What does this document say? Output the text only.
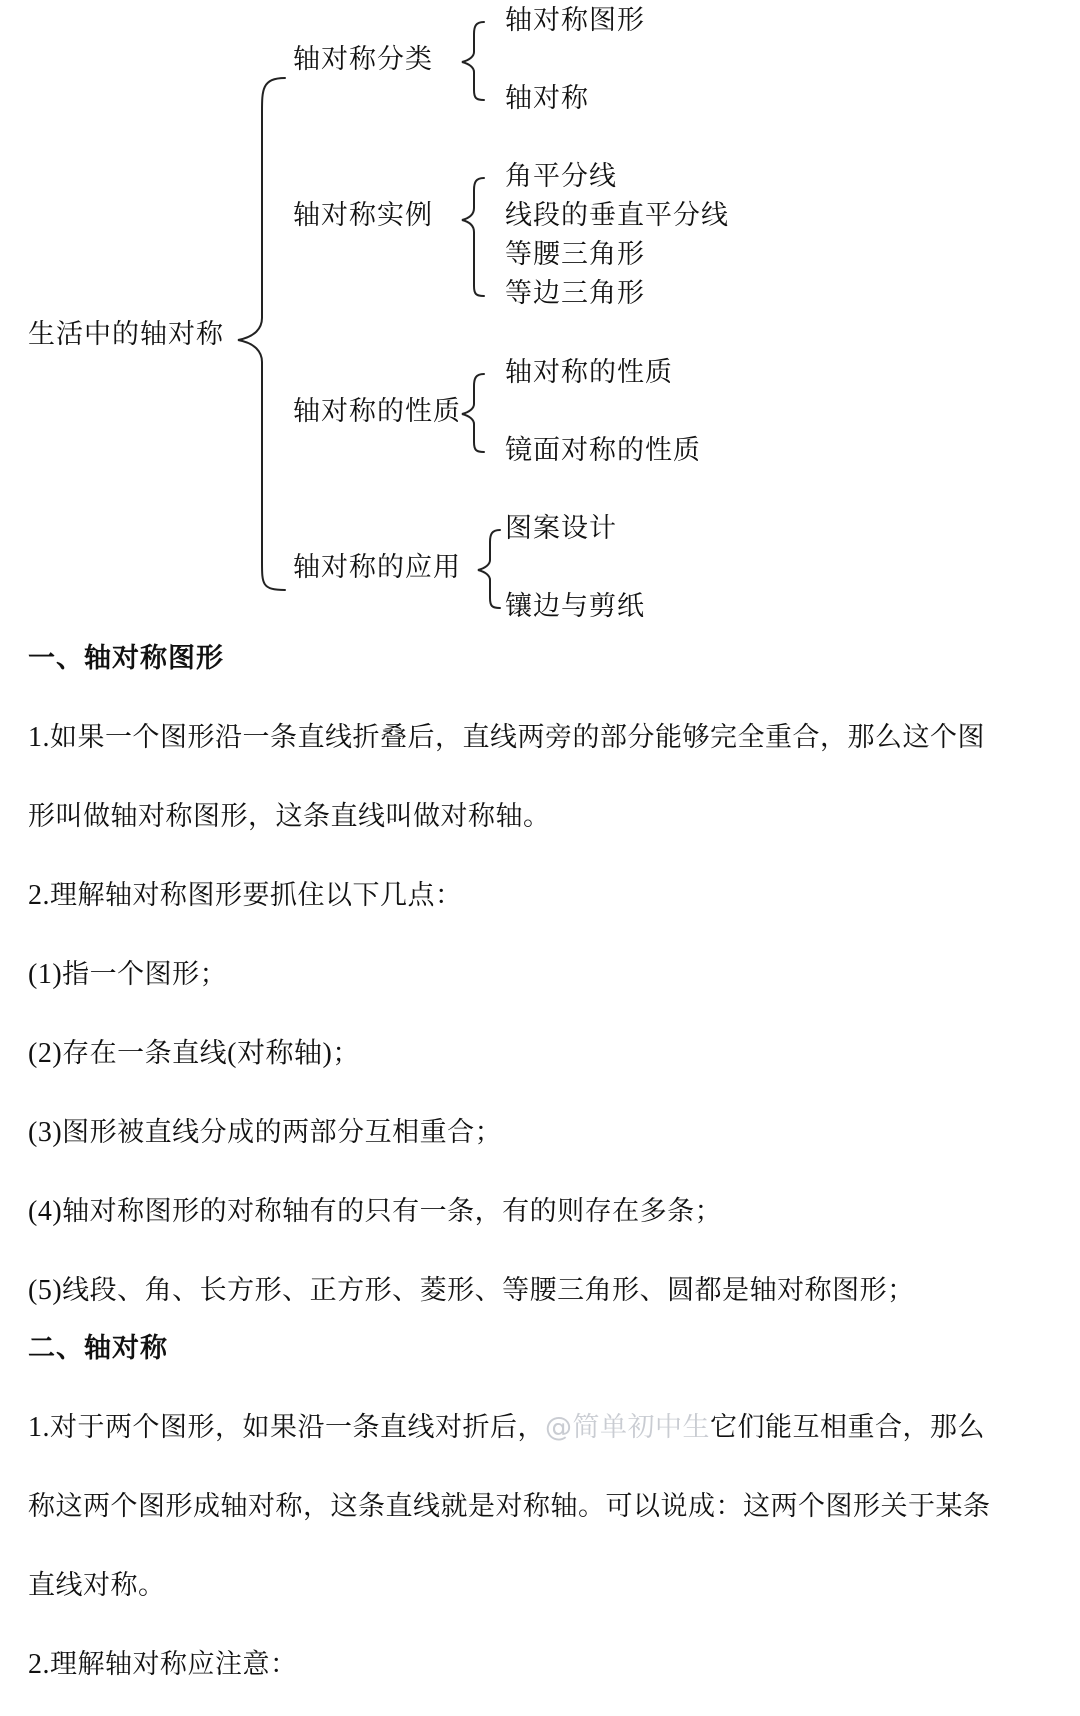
生活中的轴对称
轴对称分类
轴对称图形
轴对称
轴对称实例
角平分线
线段的垂直平分线
等腰三角形
等边三角形
轴对称的性质
轴对称的性质
镜面对称的性质
轴对称的应用
图案设计
镶边与剪纸
一、轴对称图形

1.如果一个图形沿一条直线折叠后，直线两旁的部分能够完全重合，那么这个图

形叫做轴对称图形，这条直线叫做对称轴。

2.理解轴对称图形要抓住以下几点：

(1)指一个图形；

(2)存在一条直线(对称轴)；

(3)图形被直线分成的两部分互相重合；

(4)轴对称图形的对称轴有的只有一条，有的则存在多条；

(5)线段、角、长方形、正方形、菱形、等腰三角形、圆都是轴对称图形；

二、轴对称

1.对于两个图形，如果沿一条直线对折后，@简单初中生它们能互相重合，那么

称这两个图形成轴对称，这条直线就是对称轴。可以说成：这两个图形关于某条

直线对称。

2.理解轴对称应注意：
